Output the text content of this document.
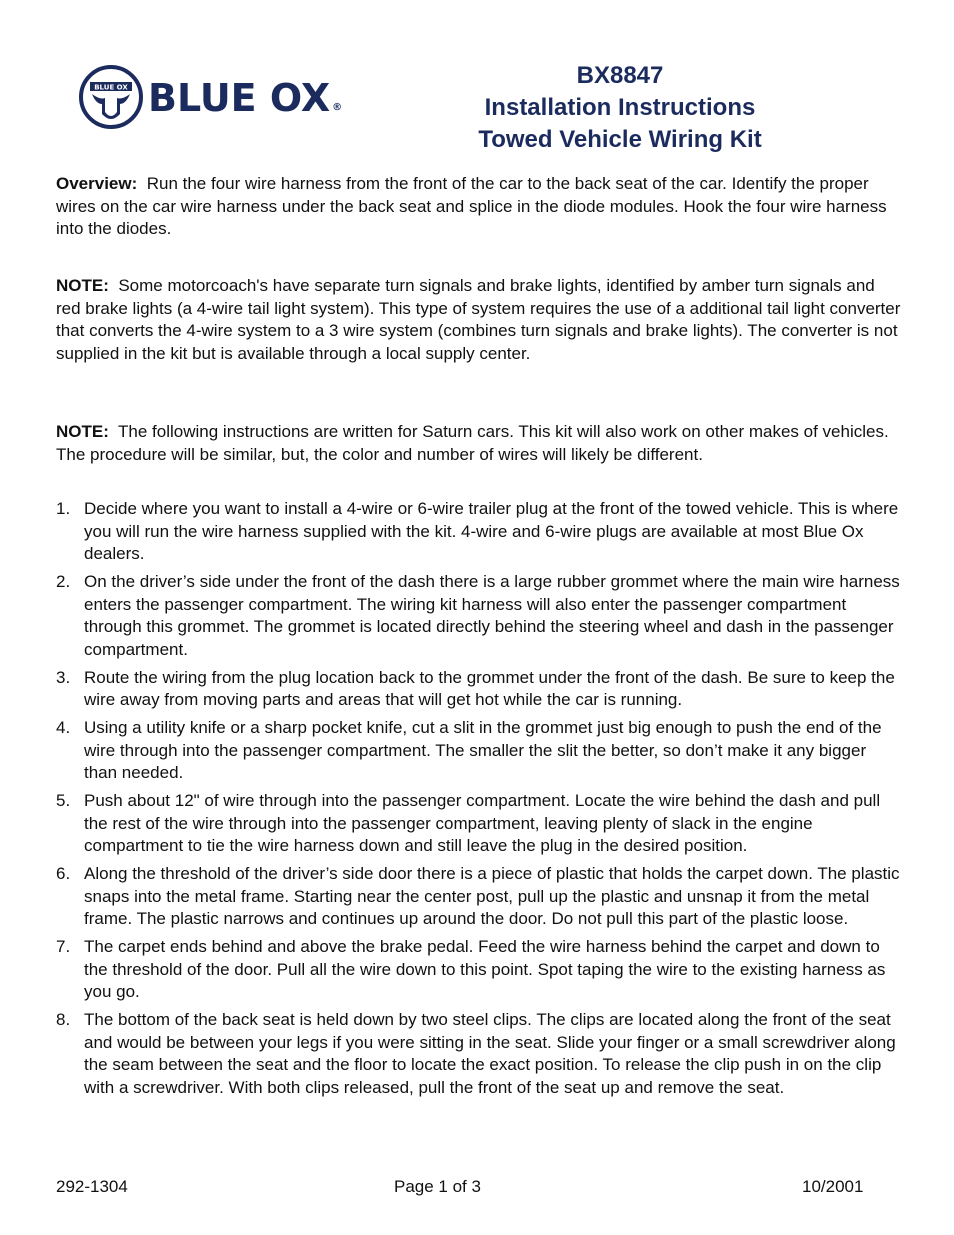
BLUE OX BLUE OX ®
BX8847
Installation Instructions
Towed Vehicle Wiring Kit

Overview: Run the four wire harness from the front of the car to the back seat of the car. Identify the proper wires on the car wire harness under the back seat and splice in the diode modules. Hook the four wire harness into the diodes.

NOTE: Some motorcoach's have separate turn signals and brake lights, identified by amber turn signals and red brake lights (a 4-wire tail light system). This type of system requires the use of a additional tail light converter that converts the 4-wire system to a 3 wire system (combines turn signals and brake lights). The converter is not supplied in the kit but is available through a local supply center.

NOTE: The following instructions are written for Saturn cars. This kit will also work on other makes of vehicles. The procedure will be similar, but, the color and number of wires will likely be different.

1. Decide where you want to install a 4-wire or 6-wire trailer plug at the front of the towed vehicle. This is where you will run the wire harness supplied with the kit. 4-wire and 6-wire plugs are available at most Blue Ox dealers.
2. On the driver’s side under the front of the dash there is a large rubber grommet where the main wire harness enters the passenger compartment. The wiring kit harness will also enter the passenger compartment through this grommet. The grommet is located directly behind the steering wheel and dash in the passenger compartment.
3. Route the wiring from the plug location back to the grommet under the front of the dash. Be sure to keep the wire away from moving parts and areas that will get hot while the car is running.
4. Using a utility knife or a sharp pocket knife, cut a slit in the grommet just big enough to push the end of the wire through into the passenger compartment. The smaller the slit the better, so don’t make it any bigger than needed.
5. Push about 12" of wire through into the passenger compartment. Locate the wire behind the dash and pull the rest of the wire through into the passenger compartment, leaving plenty of slack in the engine compartment to tie the wire harness down and still leave the plug in the desired position.
6. Along the threshold of the driver’s side door there is a piece of plastic that holds the carpet down. The plastic snaps into the metal frame. Starting near the center post, pull up the plastic and unsnap it from the metal frame. The plastic narrows and continues up around the door. Do not pull this part of the plastic loose.
7. The carpet ends behind and above the brake pedal. Feed the wire harness behind the carpet and down to the threshold of the door. Pull all the wire down to this point. Spot taping the wire to the existing harness as you go.
8. The bottom of the back seat is held down by two steel clips. The clips are located along the front of the seat and would be between your legs if you were sitting in the seat. Slide your finger or a small screwdriver along the seam between the seat and the floor to locate the exact position. To release the clip push in on the clip with a screwdriver. With both clips released, pull the front of the seat up and remove the seat.
292-1304	Page 1 of 3	10/2001
